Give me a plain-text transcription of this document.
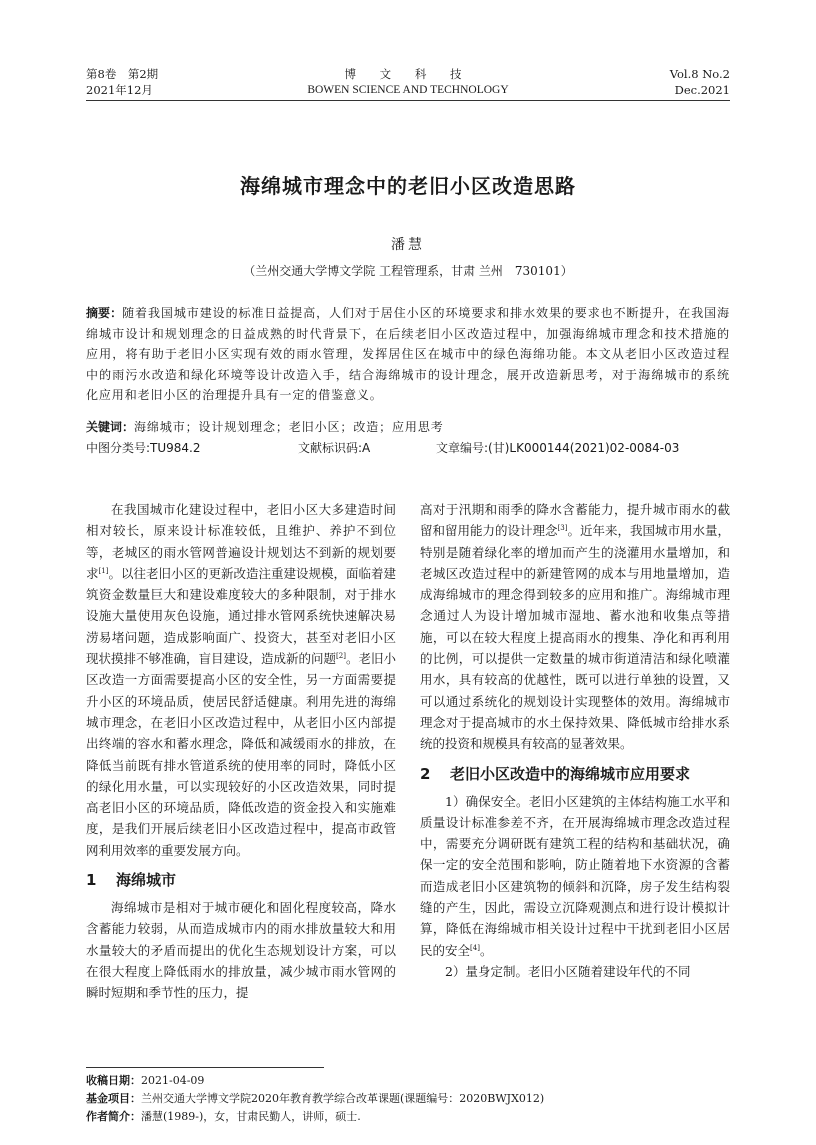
第8卷　第2期
2021年12月
博 文 科 技
BOWEN SCIENCE AND TECHNOLOGY
Vol.8 No.2
Dec.2021
海绵城市理念中的老旧小区改造思路
潘慧
（兰州交通大学博文学院 工程管理系，甘肃 兰州　730101）
摘要：随着我国城市建设的标准日益提高，人们对于居住小区的环境要求和排水效果的要求也不断提升，在我国海绵城市设计和规划理念的日益成熟的时代背景下，在后续老旧小区改造过程中，加强海绵城市理念和技术措施的应用，将有助于老旧小区实现有效的雨水管理，发挥居住区在城市中的绿色海绵功能。本文从老旧小区改造过程中的雨污水改造和绿化环境等设计改造入手，结合海绵城市的设计理念，展开改造新思考，对于海绵城市的系统化应用和老旧小区的治理提升具有一定的借鉴意义。
关键词：海绵城市；设计规划理念；老旧小区；改造；应用思考
中图分类号:TU984.2	文献标识码:A	文章编号:(甘)LK000144(2021)02-0084-03

在我国城市化建设过程中，老旧小区大多建造时间相对较长，原来设计标准较低，且维护、养护不到位等，老城区的雨水管网普遍设计规划达不到新的规划要求[1]。以往老旧小区的更新改造注重建设规模，面临着建筑资金数量巨大和建设难度较大的多种限制，对于排水设施大量使用灰色设施，通过排水管网系统快速解决易涝易堵问题，造成影响面广、投资大，甚至对老旧小区现状摸排不够准确，盲目建设，造成新的问题[2]。老旧小区改造一方面需要提高小区的安全性，另一方面需要提升小区的环境品质，使居民舒适健康。利用先进的海绵城市理念，在老旧小区改造过程中，从老旧小区内部提出终端的容水和蓄水理念，降低和减缓雨水的排放，在降低当前既有排水管道系统的使用率的同时，降低小区的绿化用水量，可以实现较好的小区改造效果，同时提高老旧小区的环境品质，降低改造的资金投入和实施难度，是我们开展后续老旧小区改造过程中，提高市政管网利用效率的重要发展方向。

1 海绵城市

海绵城市是相对于城市硬化和固化程度较高，降水含蓄能力较弱，从而造成城市内的雨水排放量较大和用水量较大的矛盾而提出的优化生态规划设计方案，可以在很大程度上降低雨水的排放量，减少城市雨水管网的瞬时短期和季节性的压力，提

高对于汛期和雨季的降水含蓄能力，提升城市雨水的截留和留用能力的设计理念[3]。近年来，我国城市用水量，特别是随着绿化率的增加而产生的浇灌用水量增加，和老城区改造过程中的新建管网的成本与用地量增加，造成海绵城市的理念得到较多的应用和推广。海绵城市理念通过人为设计增加城市湿地、蓄水池和收集点等措施，可以在较大程度上提高雨水的搜集、净化和再利用的比例，可以提供一定数量的城市街道清洁和绿化喷灌用水，具有较高的优越性，既可以进行单独的设置，又可以通过系统化的规划设计实现整体的效用。海绵城市理念对于提高城市的水土保持效果、降低城市给排水系统的投资和规模具有较高的显著效果。

2 老旧小区改造中的海绵城市应用要求

1）确保安全。老旧小区建筑的主体结构施工水平和质量设计标准参差不齐，在开展海绵城市理念改造过程中，需要充分调研既有建筑工程的结构和基础状况，确保一定的安全范围和影响，防止随着地下水资源的含蓄而造成老旧小区建筑物的倾斜和沉降，房子发生结构裂缝的产生，因此，需设立沉降观测点和进行设计模拟计算，降低在海绵城市相关设计过程中干扰到老旧小区居民的安全[4]。

2）量身定制。老旧小区随着建设年代的不同

收稿日期：2021-04-09
基金项目：兰州交通大学博文学院2020年教育教学综合改革课题(课题编号：2020BWJX012)
作者简介：潘慧(1989-)，女，甘肃民勤人，讲师，硕士.
